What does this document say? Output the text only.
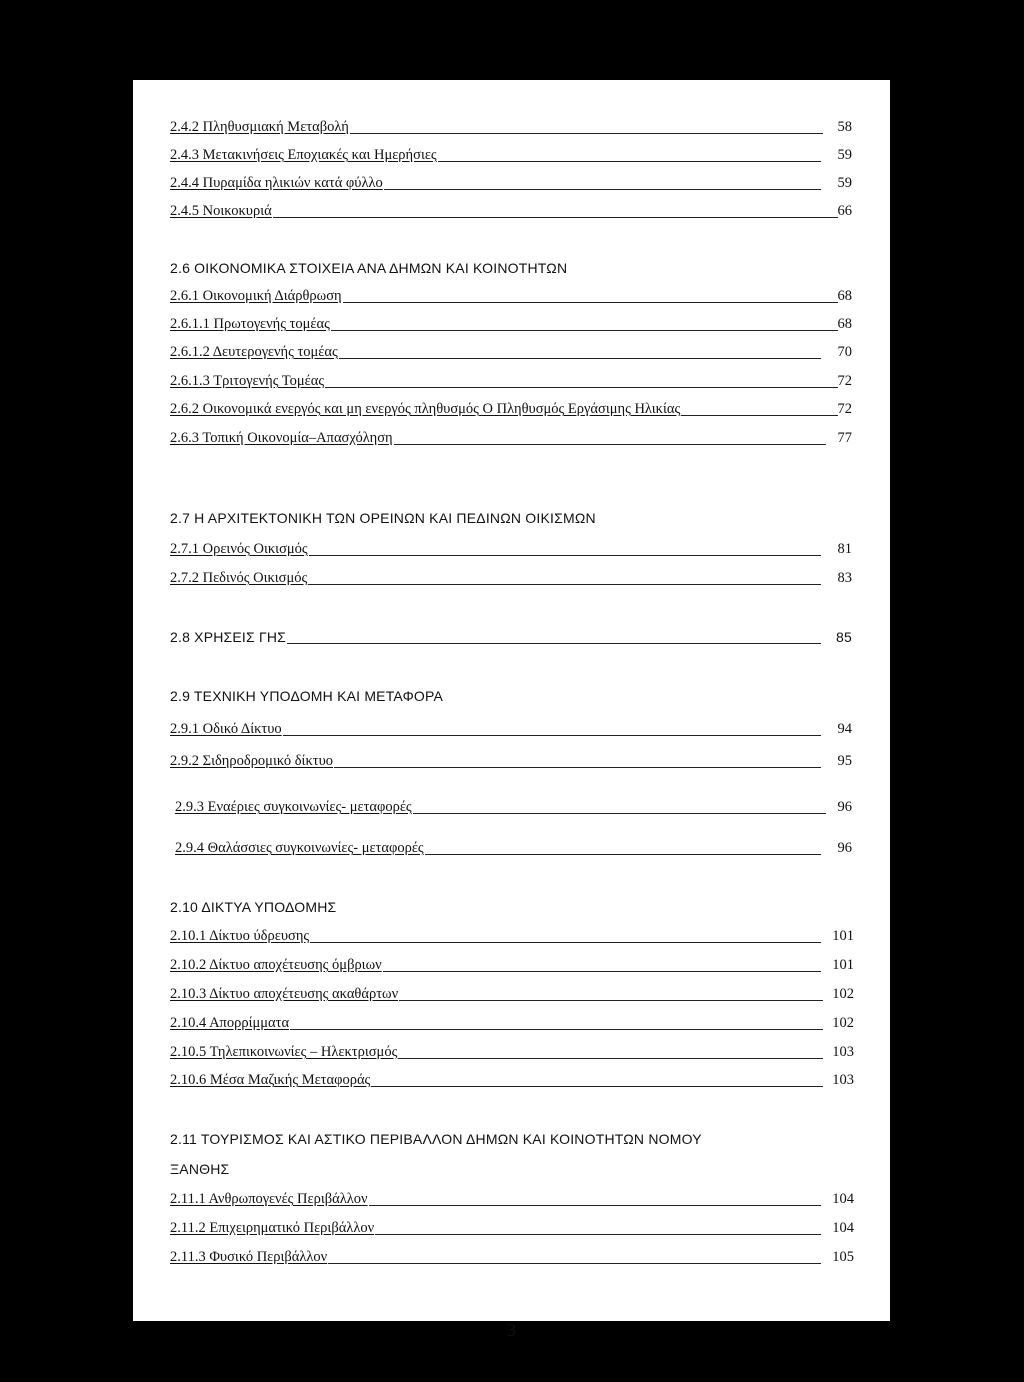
2.4.2 Πληθυσμιακή Μεταβολή	58
2.4.3 Μετακινήσεις Εποχιακές και Ημερήσιες	59
2.4.4 Πυραμίδα ηλικιών κατά φύλλο	59
2.4.5 Νοικοκυριά	66
2.6 ΟΙΚΟΝΟΜΙΚΑ ΣΤΟΙΧΕΙΑ ΑΝΑ ΔΗΜΩΝ ΚΑΙ ΚΟΙΝΟΤΗΤΩΝ
2.6.1 Οικονομική Διάρθρωση	68
2.6.1.1 Πρωτογενής τομέας	68
2.6.1.2 Δευτερογενής τομέας	70
2.6.1.3 Τριτογενής Τομέας	72
2.6.2 Οικονομικά ενεργός και μη ενεργός πληθυσμός Ο Πληθυσμός Εργάσιμης Ηλικίας	72
2.6.3 Τοπική Οικονομία–Απασχόληση	77
2.7 Η ΑΡΧΙΤΕΚΤΟΝΙΚΗ ΤΩΝ ΟΡΕΙΝΩΝ ΚΑΙ ΠΕΔΙΝΩΝ ΟΙΚΙΣΜΩΝ
2.7.1 Ορεινός Οικισμός	81
2.7.2 Πεδινός Οικισμός	83
2.8 ΧΡΗΣΕΙΣ ΓΗΣ	85
2.9 ΤΕΧΝΙΚΗ ΥΠΟΔΟΜΗ ΚΑΙ ΜΕΤΑΦΟΡΑ
2.9.1 Οδικό Δίκτυο	94
2.9.2 Σιδηροδρομικό δίκτυο	95
2.9.3 Εναέριες συγκοινωνίες- μεταφορές	96
2.9.4 Θαλάσσιες συγκοινωνίες- μεταφορές	96
2.10 ΔΙΚΤΥΑ ΥΠΟΔΟΜΗΣ
2.10.1 Δίκτυο ύδρευσης	101
2.10.2 Δίκτυο αποχέτευσης όμβριων	101
2.10.3 Δίκτυο αποχέτευσης ακαθάρτων	102
2.10.4 Απορρίμματα	102
2.10.5 Τηλεπικοινωνίες – Ηλεκτρισμός	103
2.10.6 Μέσα Μαζικής Μεταφοράς	103
2.11 ΤΟΥΡΙΣΜΟΣ ΚΑΙ ΑΣΤΙΚΟ ΠΕΡΙΒΑΛΛΟΝ ΔΗΜΩΝ ΚΑΙ ΚΟΙΝΟΤΗΤΩΝ ΝΟΜΟΥ
ΞΑΝΘΗΣ
2.11.1 Ανθρωπογενές Περιβάλλον	104
2.11.2 Επιχειρηματικό Περιβάλλον	104
2.11.3 Φυσικό Περιβάλλον	105
3
